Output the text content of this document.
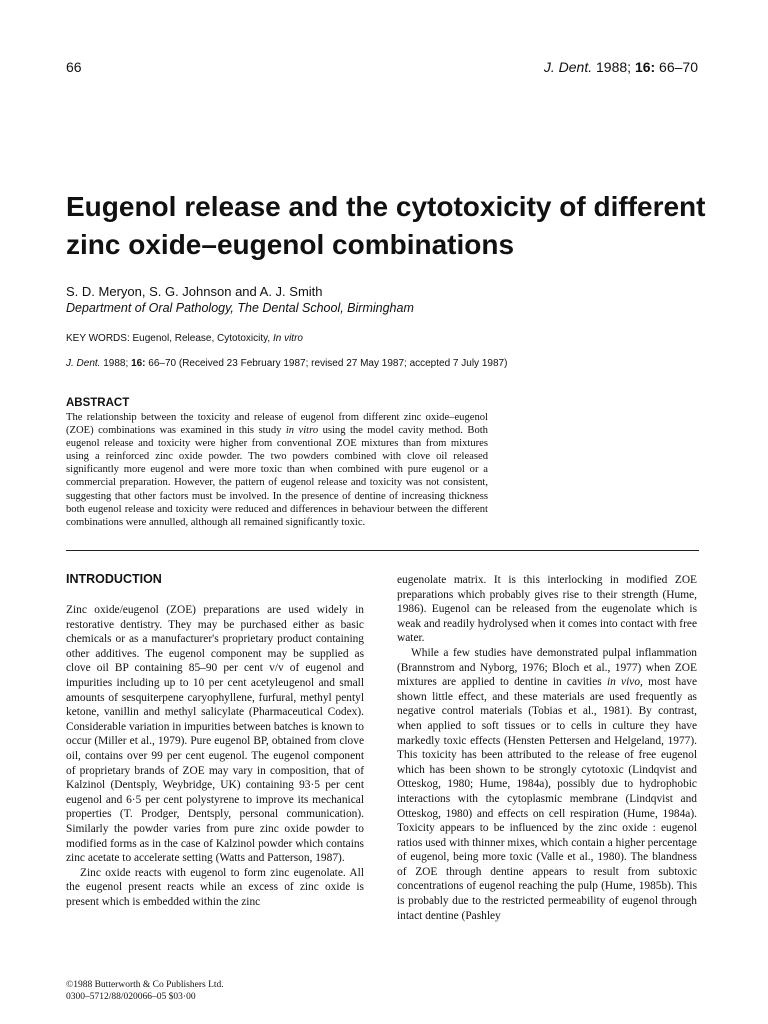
66	J. Dent. 1988; 16: 66–70
Eugenol release and the cytotoxicity of different zinc oxide–eugenol combinations
S. D. Meryon, S. G. Johnson and A. J. Smith
Department of Oral Pathology, The Dental School, Birmingham
KEY WORDS: Eugenol, Release, Cytotoxicity, In vitro
J. Dent. 1988; 16: 66–70 (Received 23 February 1987; revised 27 May 1987; accepted 7 July 1987)
ABSTRACT
The relationship between the toxicity and release of eugenol from different zinc oxide–eugenol (ZOE) combinations was examined in this study in vitro using the model cavity method. Both eugenol release and toxicity were higher from conventional ZOE mixtures than from mixtures using a reinforced zinc oxide powder. The two powders combined with clove oil released significantly more eugenol and were more toxic than when combined with pure eugenol or a commercial preparation. However, the pattern of eugenol release and toxicity was not consistent, suggesting that other factors must be involved. In the presence of dentine of increasing thickness both eugenol release and toxicity were reduced and differences in behaviour between the different combinations were annulled, although all remained significantly toxic.
INTRODUCTION

Zinc oxide/eugenol (ZOE) preparations are used widely in restorative dentistry. They may be purchased either as basic chemicals or as a manufacturer's proprietary product containing other additives. The eugenol component may be supplied as clove oil BP containing 85–90 per cent v/v of eugenol and impurities including up to 10 per cent acetyleugenol and small amounts of sesquiterpene caryophyllene, furfural, methyl pentyl ketone, vanillin and methyl salicylate (Pharmaceutical Codex). Considerable variation in impurities between batches is known to occur (Miller et al., 1979). Pure eugenol BP, obtained from clove oil, contains over 99 per cent eugenol. The eugenol component of proprietary brands of ZOE may vary in composition, that of Kalzinol (Dentsply, Weybridge, UK) containing 93·5 per cent eugenol and 6·5 per cent polystyrene to improve its mechanical properties (T. Prodger, Dentsply, personal communication). Similarly the powder varies from pure zinc oxide powder to modified forms as in the case of Kalzinol powder which contains zinc acetate to accelerate setting (Watts and Patterson, 1987).

Zinc oxide reacts with eugenol to form zinc eugenolate. All the eugenol present reacts while an excess of zinc oxide is present which is embedded within the zinc

eugenolate matrix. It is this interlocking in modified ZOE preparations which probably gives rise to their strength (Hume, 1986). Eugenol can be released from the eugenolate which is weak and readily hydrolysed when it comes into contact with free water.

While a few studies have demonstrated pulpal inflammation (Brannstrom and Nyborg, 1976; Bloch et al., 1977) when ZOE mixtures are applied to dentine in cavities in vivo, most have shown little effect, and these materials are used frequently as negative control materials (Tobias et al., 1981). By contrast, when applied to soft tissues or to cells in culture they have markedly toxic effects (Hensten Pettersen and Helgeland, 1977). This toxicity has been attributed to the release of free eugenol which has been shown to be strongly cytotoxic (Lindqvist and Otteskog, 1980; Hume, 1984a), possibly due to hydrophobic interactions with the cytoplasmic membrane (Lindqvist and Otteskog, 1980) and effects on cell respiration (Hume, 1984a). Toxicity appears to be influenced by the zinc oxide : eugenol ratios used with thinner mixes, which contain a higher percentage of eugenol, being more toxic (Valle et al., 1980). The blandness of ZOE through dentine appears to result from subtoxic concentrations of eugenol reaching the pulp (Hume, 1985b). This is probably due to the restricted permeability of eugenol through intact dentine (Pashley

©1988 Butterworth & Co Publishers Ltd.
0300–5712/88/020066–05 $03·00
